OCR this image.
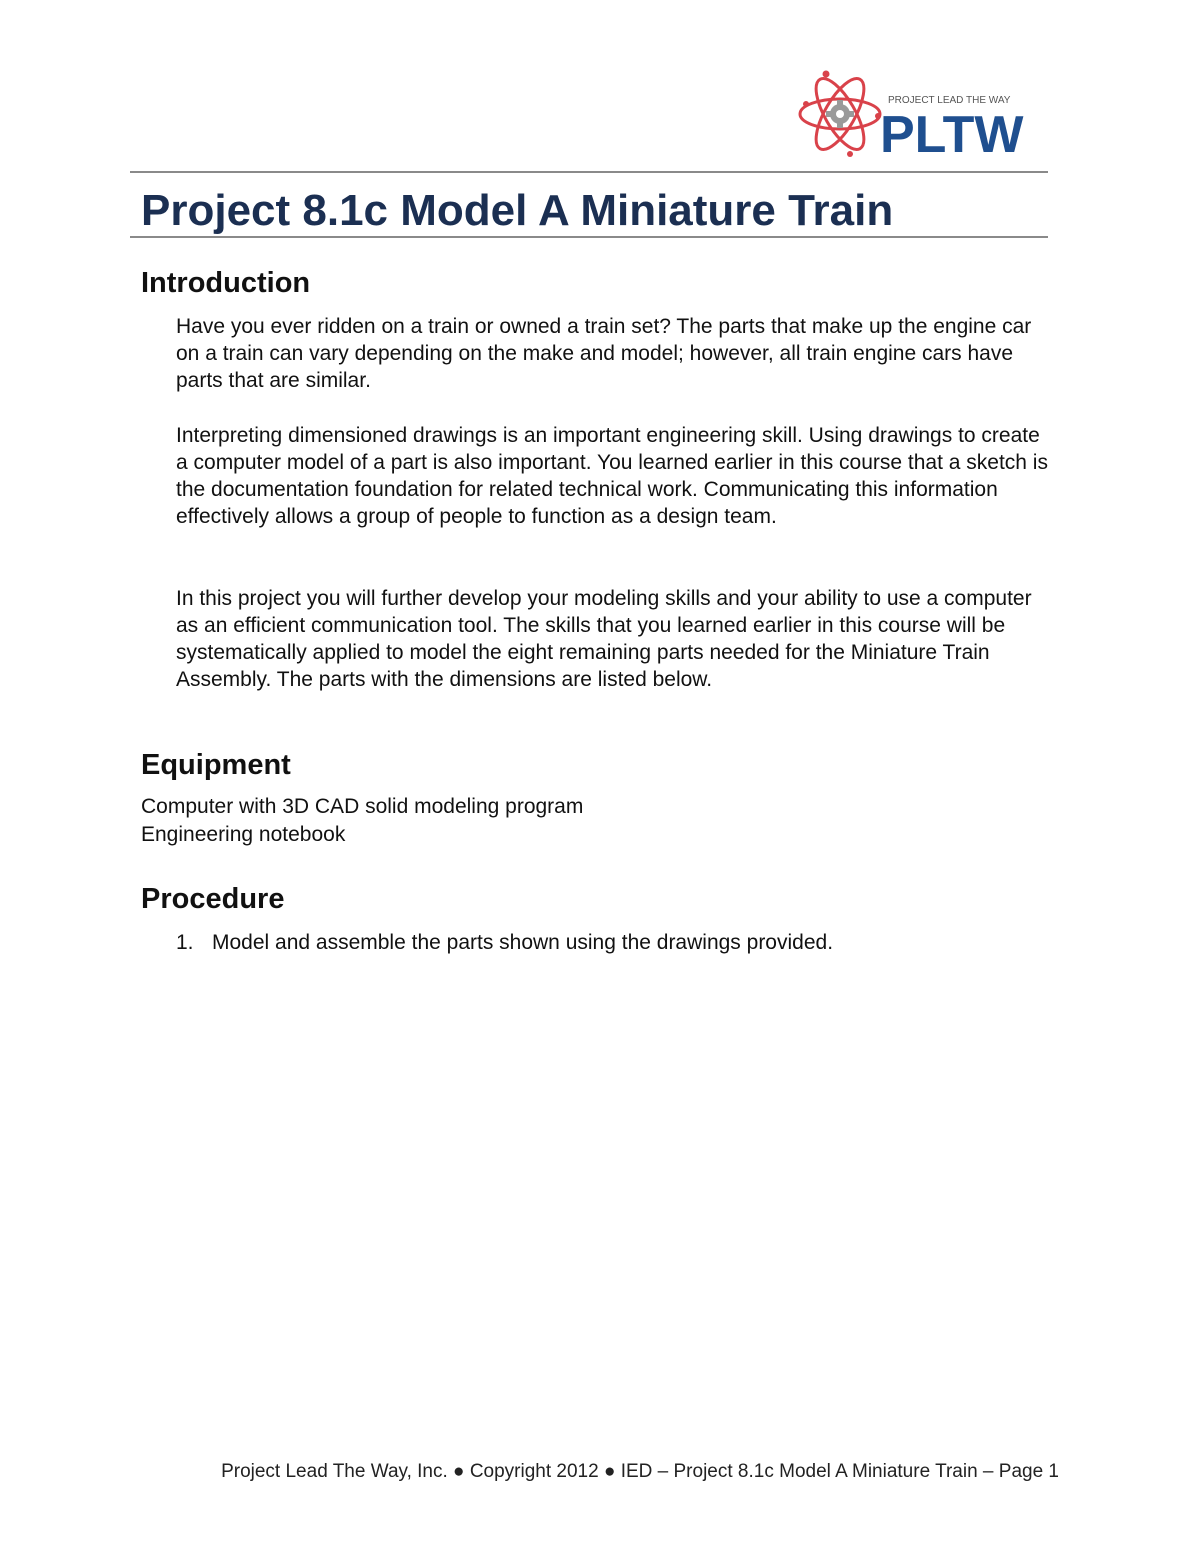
PROJECT LEAD THE WAY
PLTW
Project 8.1c Model A Miniature Train
Introduction

Have you ever ridden on a train or owned a train set? The parts that make up the engine car on a train can vary depending on the make and model; however, all train engine cars have parts that are similar.

Interpreting dimensioned drawings is an important engineering skill. Using drawings to create a computer model of a part is also important. You learned earlier in this course that a sketch is the documentation foundation for related technical work. Communicating this information effectively allows a group of people to function as a design team.

In this project you will further develop your modeling skills and your ability to use a computer as an efficient communication tool. The skills that you learned earlier in this course will be systematically applied to model the eight remaining parts needed for the Miniature Train Assembly. The parts with the dimensions are listed below.

Equipment
Computer with 3D CAD solid modeling program
Engineering notebook
Procedure
1. Model and assemble the parts shown using the drawings provided.

Project Lead The Way, Inc. ● Copyright 2012 ● IED – Project 8.1c Model A Miniature Train – Page 1
